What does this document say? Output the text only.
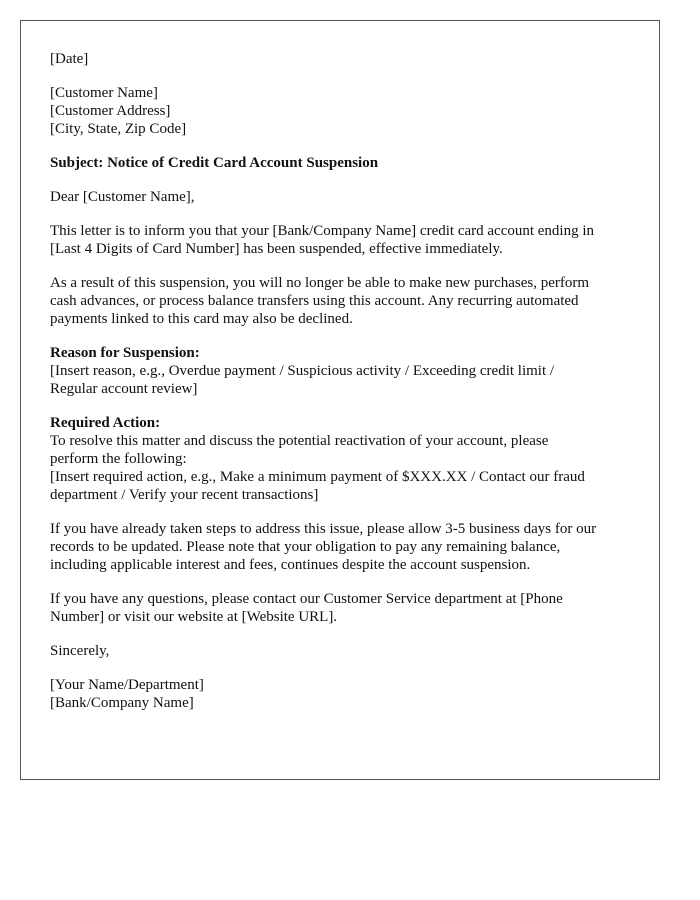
[Date]
[Customer Name]
[Customer Address]
[City, State, Zip Code]
Subject: Notice of Credit Card Account Suspension
Dear [Customer Name],
This letter is to inform you that your [Bank/Company Name] credit card account ending in
[Last 4 Digits of Card Number] has been suspended, effective immediately.
As a result of this suspension, you will no longer be able to make new purchases, perform
cash advances, or process balance transfers using this account. Any recurring automated
payments linked to this card may also be declined.
Reason for Suspension:
[Insert reason, e.g., Overdue payment / Suspicious activity / Exceeding credit limit /
Regular account review]
Required Action:
To resolve this matter and discuss the potential reactivation of your account, please
perform the following:
[Insert required action, e.g., Make a minimum payment of $XXX.XX / Contact our fraud
department / Verify your recent transactions]
If you have already taken steps to address this issue, please allow 3-5 business days for our
records to be updated. Please note that your obligation to pay any remaining balance,
including applicable interest and fees, continues despite the account suspension.
If you have any questions, please contact our Customer Service department at [Phone
Number] or visit our website at [Website URL].
Sincerely,
[Your Name/Department]
[Bank/Company Name]
